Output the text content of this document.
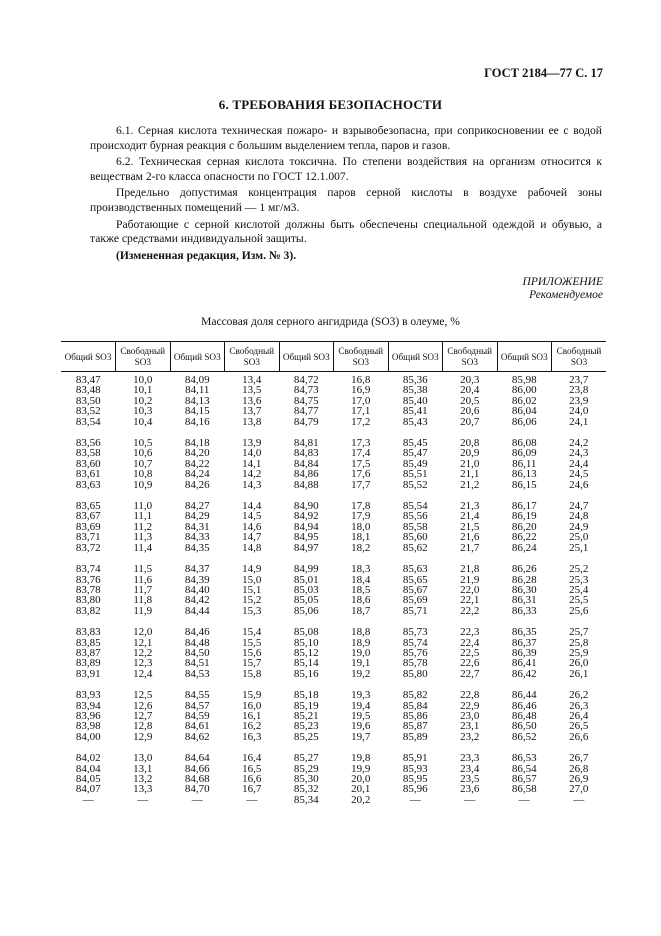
ГОСТ 2184—77 С. 17
6. ТРЕБОВАНИЯ БЕЗОПАСНОСТИ

6.1. Серная кислота техническая пожаро- и взрывобезопасна, при соприкосновении ее с водой происходит бурная реакция с большим выделением тепла, паров и газов.

6.2. Техническая серная кислота токсична. По степени воздействия на организм относится к веществам 2-го класса опасности по ГОСТ 12.1.007.

Предельно допустимая концентрация паров серной кислоты в воздухе рабочей зоны производственных помещений — 1 мг/м3.

Работающие с серной кислотой должны быть обеспечены специальной одеждой и обувью, а также средствами индивидуальной защиты.

(Измененная редакция, Изм. № 3).

ПРИЛОЖЕНИЕ
Рекомендуемое
Массовая доля серного ангидрида (SO3) в олеуме, %
Общий SO3	Свободный SO3	Общий SO3	Свободный SO3	Общий SO3	Свободный SO3	Общий SO3	Свободный SO3	Общий SO3	Свободный SO3
83,47	10,0	84,09	13,4	84,72	16,8	85,36	20,3	85,98	23,7
83,48	10,1	84,11	13,5	84,73	16,9	85,38	20,4	86,00	23,8
83,50	10,2	84,13	13,6	84,75	17,0	85,40	20,5	86,02	23,9
83,52	10,3	84,15	13,7	84,77	17,1	85,41	20,6	86,04	24,0
83,54	10,4	84,16	13,8	84,79	17,2	85,43	20,7	86,06	24,1
83,56	10,5	84,18	13,9	84,81	17,3	85,45	20,8	86,08	24,2
83,58	10,6	84,20	14,0	84,83	17,4	85,47	20,9	86,09	24,3
83,60	10,7	84,22	14,1	84,84	17,5	85,49	21,0	86,11	24,4
83,61	10,8	84,24	14,2	84,86	17,6	85,51	21,1	86,13	24,5
83,63	10,9	84,26	14,3	84,88	17,7	85,52	21,2	86,15	24,6
83,65	11,0	84,27	14,4	84,90	17,8	85,54	21,3	86,17	24,7
83,67	11,1	84,29	14,5	84,92	17,9	85,56	21,4	86,19	24,8
83,69	11,2	84,31	14,6	84,94	18,0	85,58	21,5	86,20	24,9
83,71	11,3	84,33	14,7	84,95	18,1	85,60	21,6	86,22	25,0
83,72	11,4	84,35	14,8	84,97	18,2	85,62	21,7	86,24	25,1
83,74	11,5	84,37	14,9	84,99	18,3	85,63	21,8	86,26	25,2
83,76	11,6	84,39	15,0	85,01	18,4	85,65	21,9	86,28	25,3
83,78	11,7	84,40	15,1	85,03	18,5	85,67	22,0	86,30	25,4
83,80	11,8	84,42	15,2	85,05	18,6	85,69	22,1	86,31	25,5
83,82	11,9	84,44	15,3	85,06	18,7	85,71	22,2	86,33	25,6
83,83	12,0	84,46	15,4	85,08	18,8	85,73	22,3	86,35	25,7
83,85	12,1	84,48	15,5	85,10	18,9	85,74	22,4	86,37	25,8
83,87	12,2	84,50	15,6	85,12	19,0	85,76	22,5	86,39	25,9
83,89	12,3	84,51	15,7	85,14	19,1	85,78	22,6	86,41	26,0
83,91	12,4	84,53	15,8	85,16	19,2	85,80	22,7	86,42	26,1
83,93	12,5	84,55	15,9	85,18	19,3	85,82	22,8	86,44	26,2
83,94	12,6	84,57	16,0	85,19	19,4	85,84	22,9	86,46	26,3
83,96	12,7	84,59	16,1	85,21	19,5	85,86	23,0	86,48	26,4
83,98	12,8	84,61	16,2	85,23	19,6	85,87	23,1	86,50	26,5
84,00	12,9	84,62	16,3	85,25	19,7	85,89	23,2	86,52	26,6
84,02	13,0	84,64	16,4	85,27	19,8	85,91	23,3	86,53	26,7
84,04	13,1	84,66	16,5	85,29	19,9	85,93	23,4	86,54	26,8
84,05	13,2	84,68	16,6	85,30	20,0	85,95	23,5	86,57	26,9
84,07	13,3	84,70	16,7	85,32	20,1	85,96	23,6	86,58	27,0
—	—	—	—	85,34	20,2	—	—	—	—
